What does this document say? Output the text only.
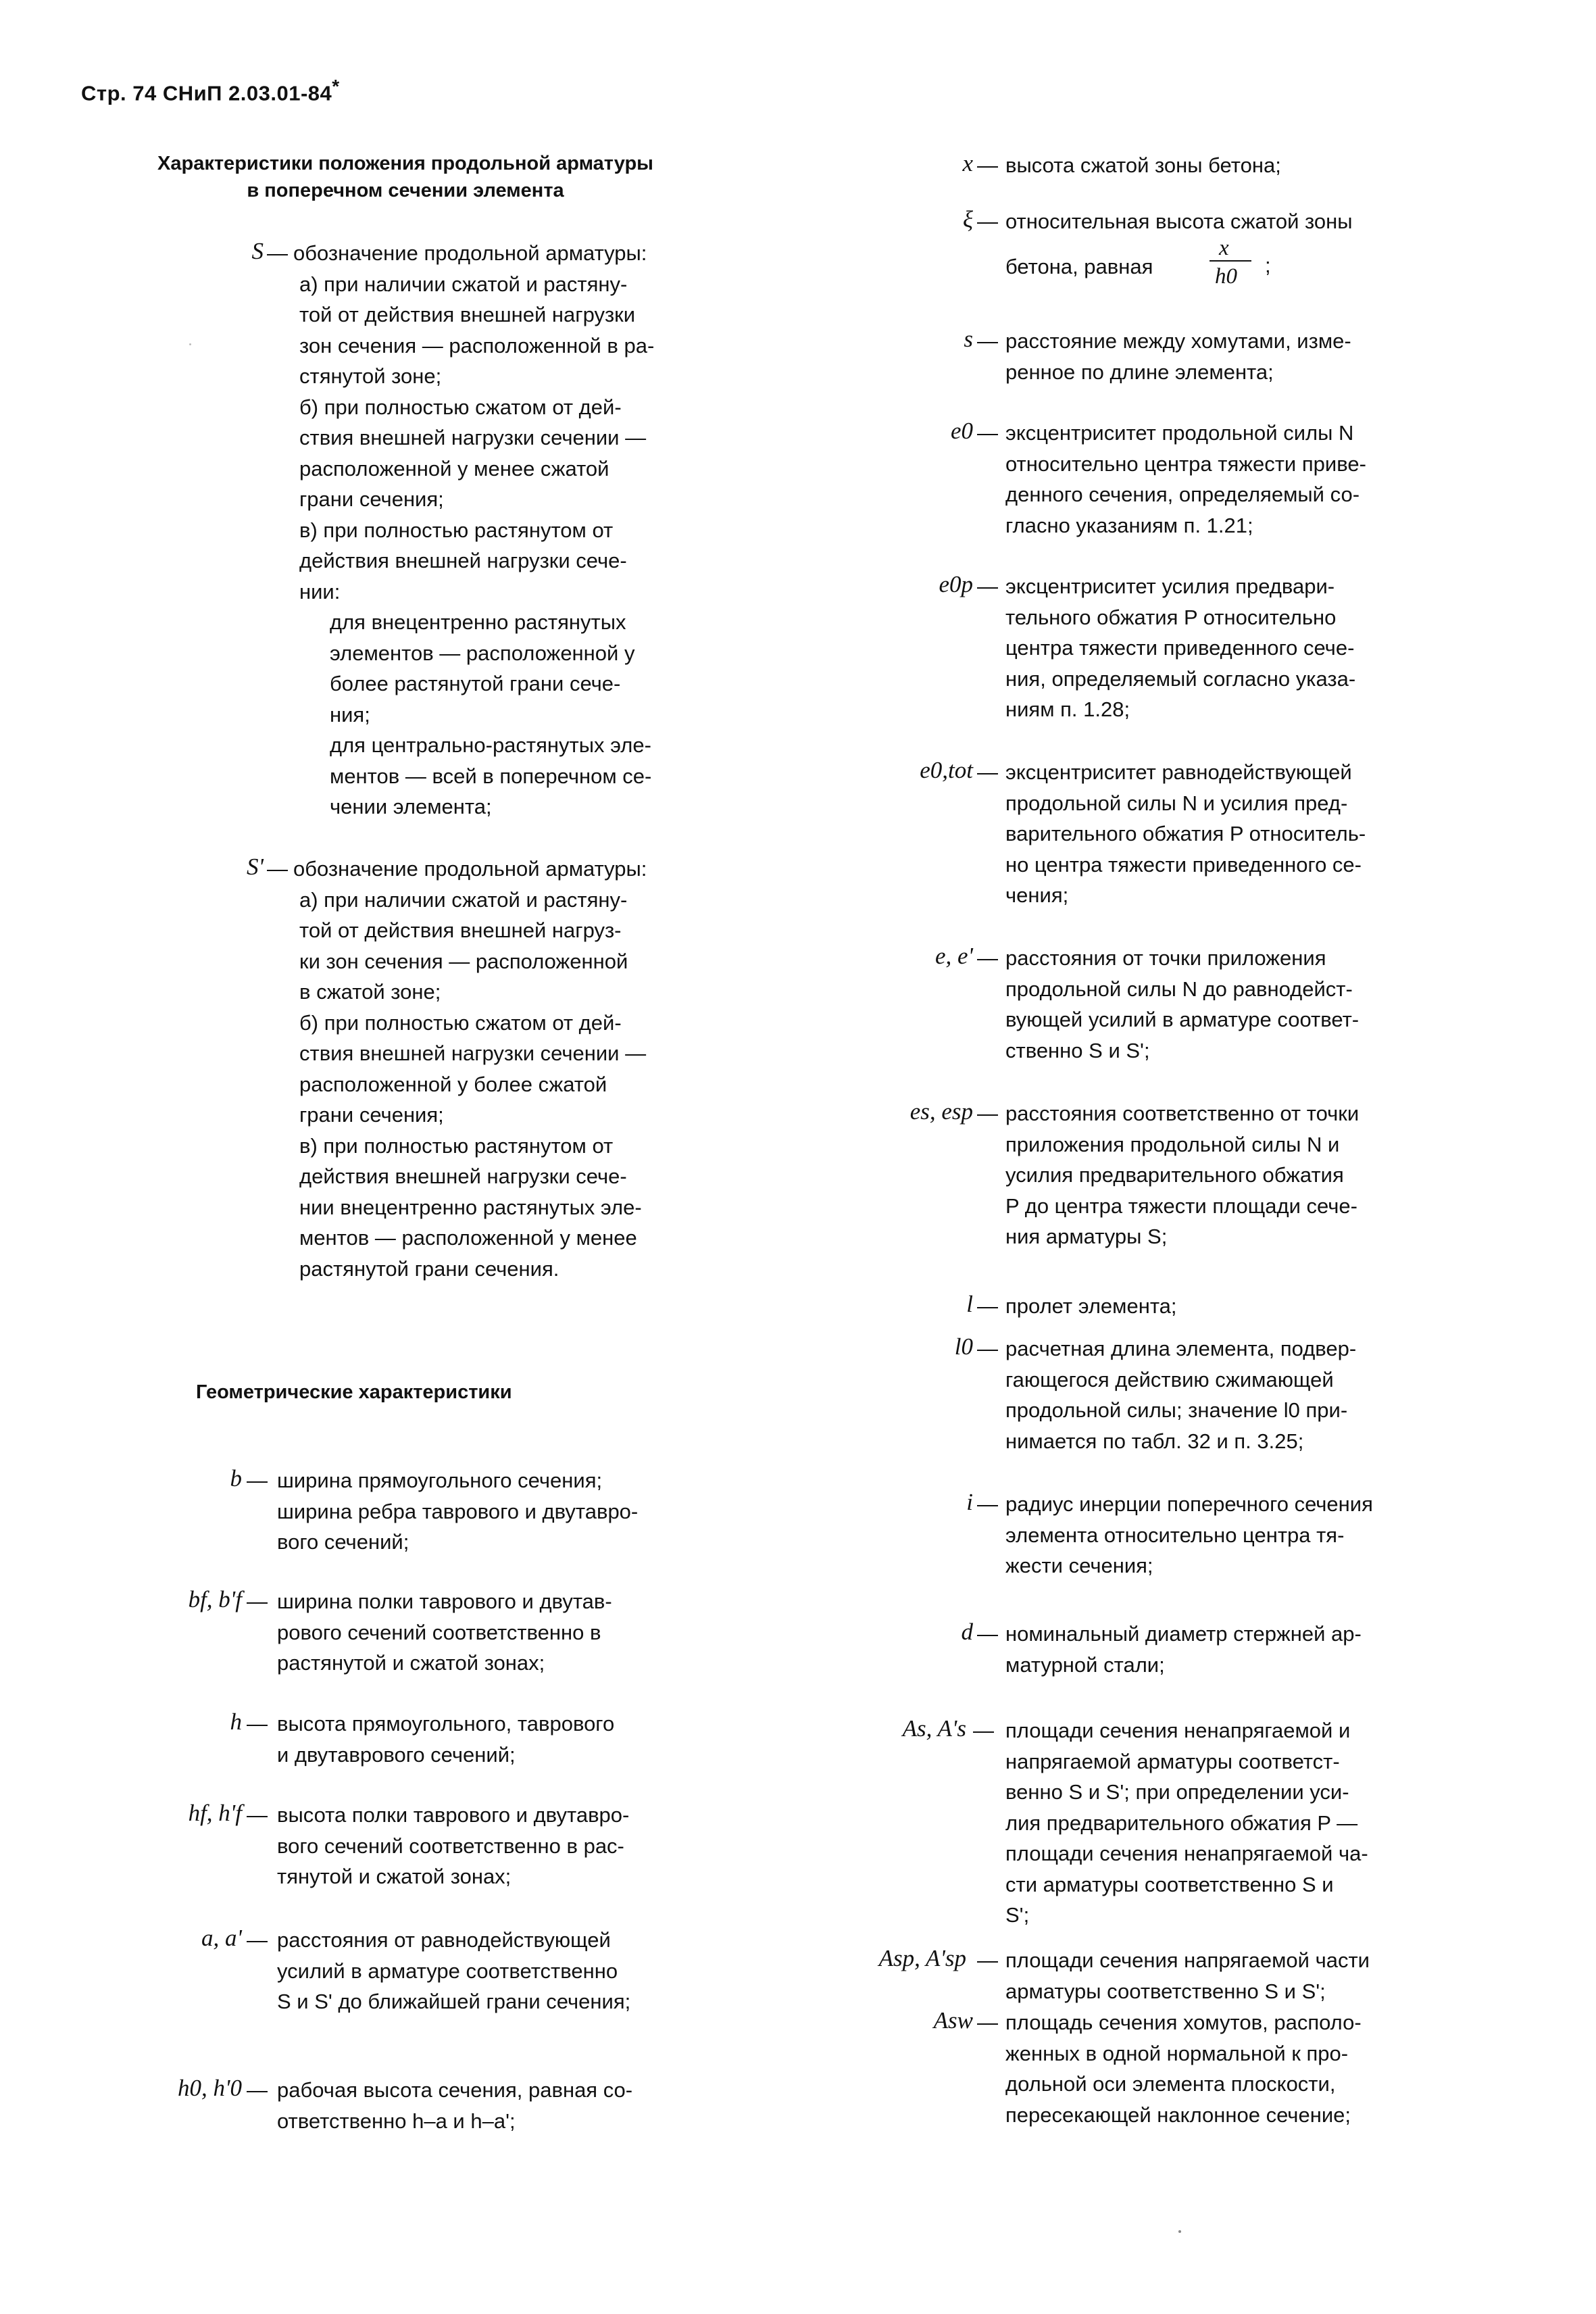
Стр. 74 СНиП 2.03.01-84*
Характеристики положения продольной арматуры
в поперечном сечении элемента
S — обозначение продольной арматуры:
а) при наличии сжатой и растяну-
той от действия внешней нагрузки
зон сечения — расположенной в ра-
стянутой зоне;
б) при полностью сжатом от дей-
ствия внешней нагрузки сечении —
расположенной у менее сжатой
грани сечения;
в) при полностью растянутом от
действия внешней нагрузки сече-
нии:
для внецентренно растянутых
элементов — расположенной у
более растянутой грани сече-
ния;
для центрально-растянутых эле-
ментов — всей в поперечном се-
чении элемента;
S' — обозначение продольной арматуры:
а) при наличии сжатой и растяну-
той от действия внешней нагруз-
ки зон сечения — расположенной
в сжатой зоне;
б) при полностью сжатом от дей-
ствия внешней нагрузки сечении —
расположенной у более сжатой
грани сечения;
в) при полностью растянутом от
действия внешней нагрузки сече-
нии внецентренно растянутых эле-
ментов — расположенной у менее
растянутой грани сечения.
Геометрические характеристики
b — ширина прямоугольного сечения;
ширина ребра таврового и двутавро-
вого сечений;
bf, b'f — ширина полки таврового и двутав-
рового сечений соответственно в
растянутой и сжатой зонах;
h — высота прямоугольного, таврового
и двутаврового сечений;
hf, h'f — высота полки таврового и двутавро-
вого сечений соответственно в рас-
тянутой и сжатой зонах;
a, a' — расстояния от равнодействующей
усилий в арматуре соответственно
S и S' до ближайшей грани сечения;
h0, h'0 — рабочая высота сечения, равная со-
ответственно h–a и h–a';
x — высота сжатой зоны бетона;
ξ — относительная высота сжатой зоны
бетона, равная
x
h0 ;
s — расстояние между хомутами, изме-
ренное по длине элемента;
e0 — эксцентриситет продольной силы N
относительно центра тяжести приве-
денного сечения, определяемый со-
гласно указаниям п. 1.21;
e0p — эксцентриситет усилия предвари-
тельного обжатия P относительно
центра тяжести приведенного сече-
ния, определяемый согласно указа-
ниям п. 1.28;
e0,tot — эксцентриситет равнодействующей
продольной силы N и усилия пред-
варительного обжатия P относитель-
но центра тяжести приведенного се-
чения;
e, e' — расстояния от точки приложения
продольной силы N до равнодейст-
вующей усилий в арматуре соответ-
ственно S и S';
es, esp — расстояния соответственно от точки
приложения продольной силы N и
усилия предварительного обжатия
P до центра тяжести площади сече-
ния арматуры S;
l — пролет элемента;
l0 — расчетная длина элемента, подвер-
гающегося действию сжимающей
продольной силы; значение l0 при-
нимается по табл. 32 и п. 3.25;
i — радиус инерции поперечного сечения
элемента относительно центра тя-
жести сечения;
d — номинальный диаметр стержней ар-
матурной стали;
As, A's — площади сечения ненапрягаемой и
напрягаемой арматуры соответст-
венно S и S'; при определении уси-
лия предварительного обжатия P —
площади сечения ненапрягаемой ча-
сти арматуры соответственно S и
S';
Asp, A'sp — площади сечения напрягаемой части
арматуры соответственно S и S';
Asw — площадь сечения хомутов, располо-
женных в одной нормальной к про-
дольной оси элемента плоскости,
пересекающей наклонное сечение;
